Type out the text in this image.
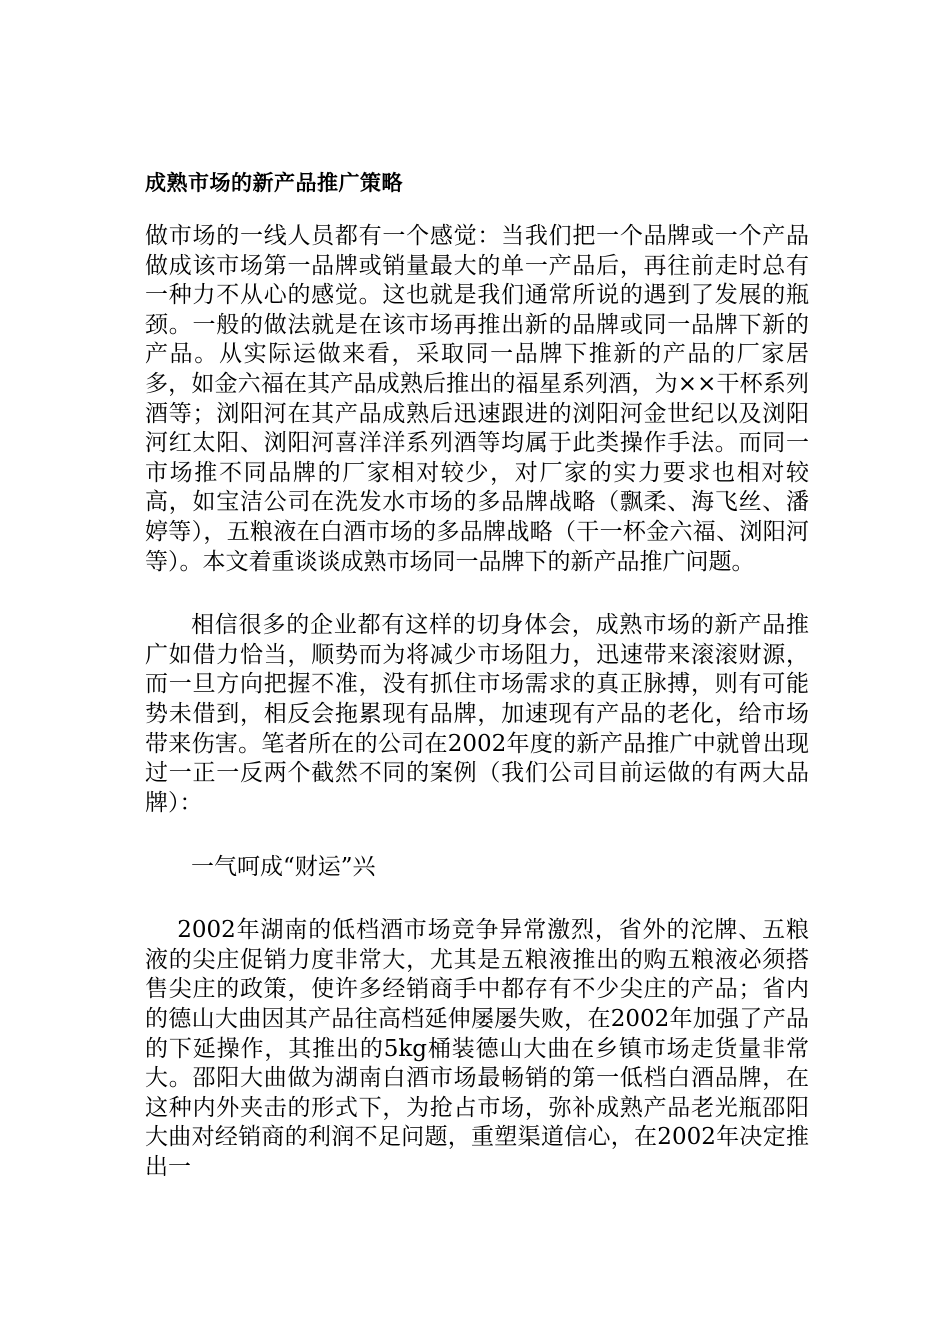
成熟市场的新产品推广策略

做市场的一线人员都有一个感觉：当我们把一个品牌或一个产品做成该市场第一品牌或销量最大的单一产品后，再往前走时总有一种力不从心的感觉。这也就是我们通常所说的遇到了发展的瓶颈。一般的做法就是在该市场再推出新的品牌或同一品牌下新的产品。从实际运做来看，采取同一品牌下推新的产品的厂家居多，如金六福在其产品成熟后推出的福星系列酒，为××干杯系列酒等；浏阳河在其产品成熟后迅速跟进的浏阳河金世纪以及浏阳河红太阳、浏阳河喜洋洋系列酒等均属于此类操作手法。而同一市场推不同品牌的厂家相对较少，对厂家的实力要求也相对较高，如宝洁公司在洗发水市场的多品牌战略（飘柔、海飞丝、潘婷等），五粮液在白酒市场的多品牌战略（干一杯金六福、浏阳河等）。本文着重谈谈成熟市场同一品牌下的新产品推广问题。

相信很多的企业都有这样的切身体会，成熟市场的新产品推广如借力恰当，顺势而为将减少市场阻力，迅速带来滚滚财源，而一旦方向把握不准，没有抓住市场需求的真正脉搏，则有可能势未借到，相反会拖累现有品牌，加速现有产品的老化，给市场带来伤害。笔者所在的公司在2002年度的新产品推广中就曾出现过一正一反两个截然不同的案例（我们公司目前运做的有两大品牌）：

一气呵成“财运”兴

2002年湖南的低档酒市场竞争异常激烈，省外的沱牌、五粮液的尖庄促销力度非常大，尤其是五粮液推出的购五粮液必须搭售尖庄的政策，使许多经销商手中都存有不少尖庄的产品；省内的德山大曲因其产品往高档延伸屡屡失败，在2002年加强了产品的下延操作，其推出的5kg桶装德山大曲在乡镇市场走货量非常大。邵阳大曲做为湖南白酒市场最畅销的第一低档白酒品牌，在这种内外夹击的形式下，为抢占市场，弥补成熟产品老光瓶邵阳大曲对经销商的利润不足问题，重塑渠道信心，在2002年决定推出一
